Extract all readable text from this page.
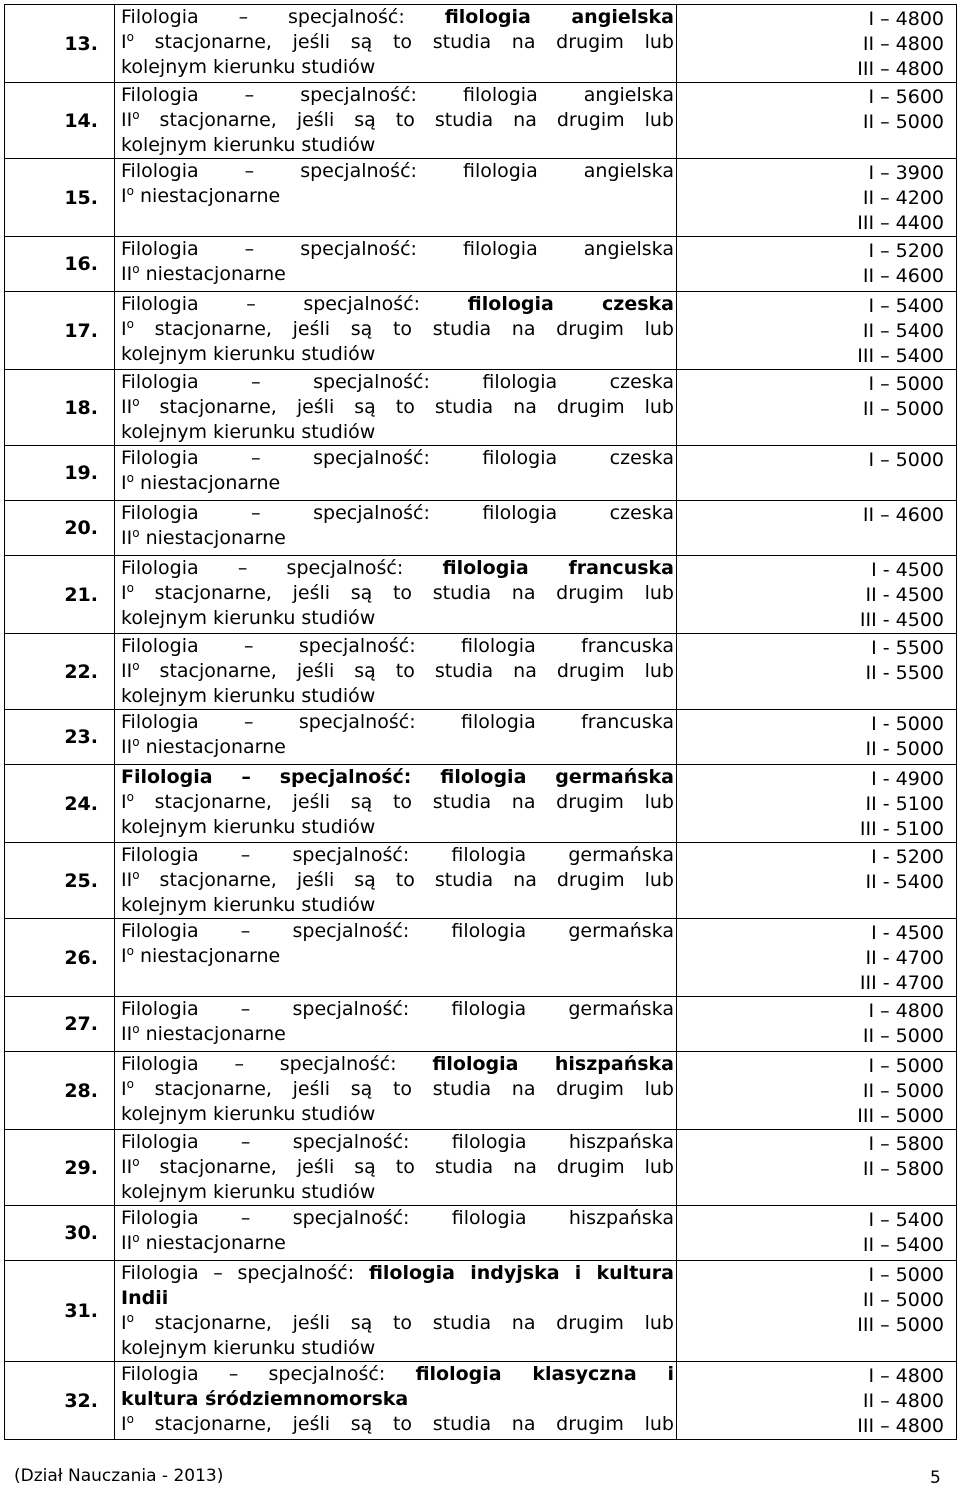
13.	Filologia – specjalność: filologia angielska
$I^o$ stacjonarne, jeśli są to studia na drugim lub
kolejnym kierunku studiów	I – 4800
II – 4800
III – 4800

14.	Filologia – specjalność: filologia angielska
$II^o$ stacjonarne, jeśli są to studia na drugim lub
kolejnym kierunku studiów	I – 5600
II – 5000

15.	Filologia – specjalność: filologia angielska
$I^o$ niestacjonarne	I – 3900
II – 4200
III – 4400

16.	Filologia – specjalność: filologia angielska
$II^o$ niestacjonarne	I – 5200
II – 4600

17.	Filologia – specjalność: filologia czeska
$I^o$ stacjonarne, jeśli są to studia na drugim lub
kolejnym kierunku studiów	I – 5400
II – 5400
III – 5400

18.	Filologia – specjalność: filologia czeska
$II^o$ stacjonarne, jeśli są to studia na drugim lub
kolejnym kierunku studiów	I – 5000
II – 5000

19.	Filologia – specjalność: filologia czeska
$I^o$ niestacjonarne	I – 5000

20.	Filologia – specjalność: filologia czeska
$II^o$ niestacjonarne	II – 4600

21.	Filologia – specjalność: filologia francuska
$I^o$ stacjonarne, jeśli są to studia na drugim lub
kolejnym kierunku studiów	I - 4500
II - 4500
III - 4500

22.	Filologia – specjalność: filologia francuska
$II^o$ stacjonarne, jeśli są to studia na drugim lub
kolejnym kierunku studiów	I - 5500
II - 5500

23.	Filologia – specjalność: filologia francuska
$II^o$ niestacjonarne	I - 5000
II - 5000

24.	Filologia – specjalność: filologia germańska
$I^o$ stacjonarne, jeśli są to studia na drugim lub
kolejnym kierunku studiów	I - 4900
II - 5100
III - 5100

25.	Filologia – specjalność: filologia germańska
$II^o$ stacjonarne, jeśli są to studia na drugim lub
kolejnym kierunku studiów	I - 5200
II - 5400

26.	Filologia – specjalność: filologia germańska
$I^o$ niestacjonarne	I - 4500
II - 4700
III - 4700

27.	Filologia – specjalność: filologia germańska
$II^o$ niestacjonarne	I – 4800
II – 5000

28.	Filologia – specjalność: filologia hiszpańska
$I^o$ stacjonarne, jeśli są to studia na drugim lub
kolejnym kierunku studiów	I – 5000
II – 5000
III – 5000

29.	Filologia – specjalność: filologia hiszpańska
$II^o$ stacjonarne, jeśli są to studia na drugim lub
kolejnym kierunku studiów	I – 5800
II – 5800

30.	Filologia – specjalność: filologia hiszpańska
$II^o$ niestacjonarne	I – 5400
II – 5400

31.	Filologia – specjalność: filologia indyjska i kultura
Indii
$I^o$ stacjonarne, jeśli są to studia na drugim lub
kolejnym kierunku studiów	I – 5000
II – 5000
III – 5000

32.	Filologia – specjalność: filologia klasyczna i
kultura śródziemnomorska
$I^o$ stacjonarne, jeśli są to studia na drugim lub	I – 4800
II – 4800
III – 4800
(Dział Nauczania - 2013)	5
